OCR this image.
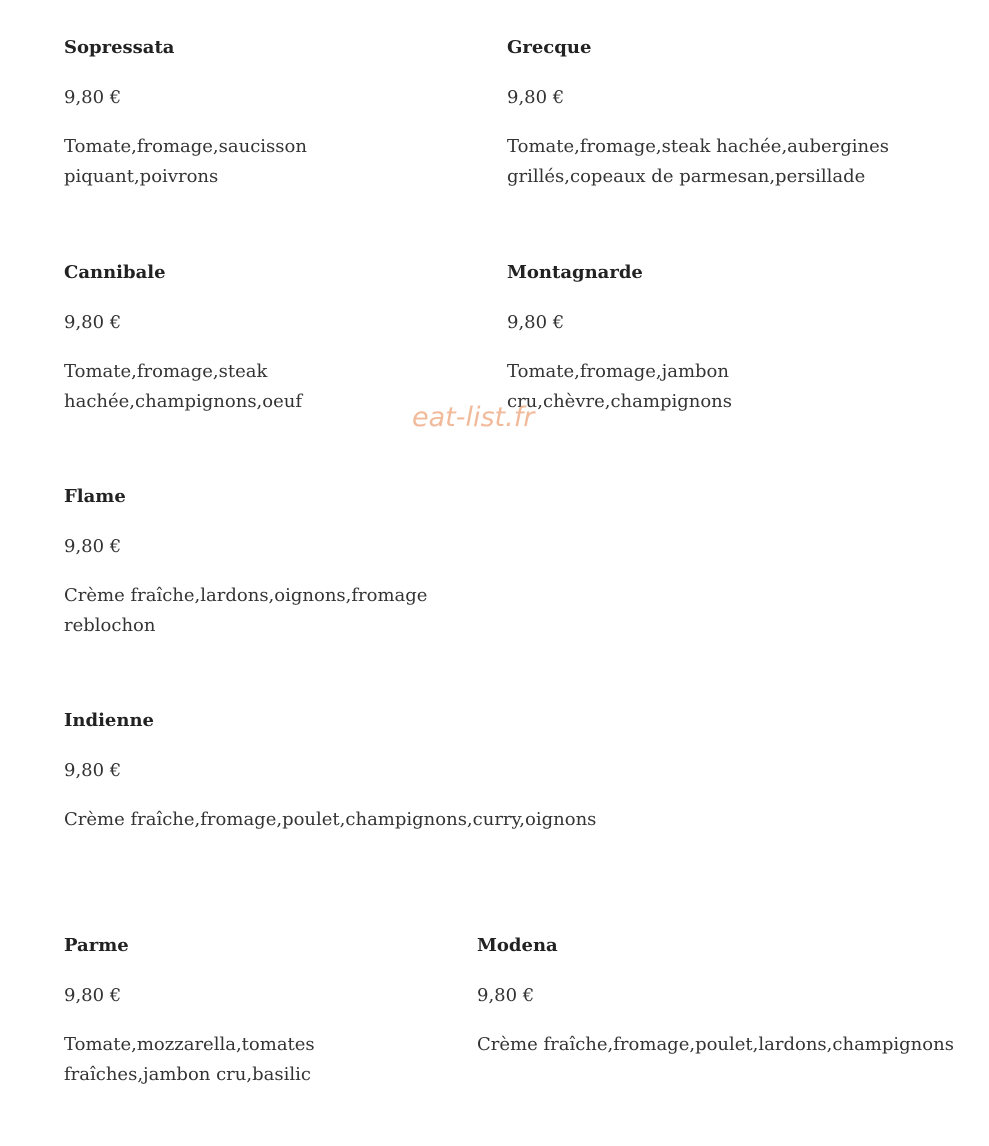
Sopressata

9,80 €

Tomate,fromage,saucisson piquant,poivrons

Grecque

9,80 €

Tomate,fromage,steak hachée,aubergines grillés,copeaux de parmesan,persillade

Cannibale

9,80 €

Tomate,fromage,steak hachée,champignons,oeuf

Montagnarde

9,80 €

Tomate,fromage,jambon cru,chèvre,champignons

Flame

9,80 €

Crème fraîche,lardons,oignons,fromage reblochon

Indienne

9,80 €

Crème fraîche,fromage,poulet,champignons,curry,oignons

Parme

9,80 €

Tomate,mozzarella,tomates fraîches,jambon cru,basilic

Modena

9,80 €

Crème fraîche,fromage,poulet,lardons,champignons

eat-list.fr
